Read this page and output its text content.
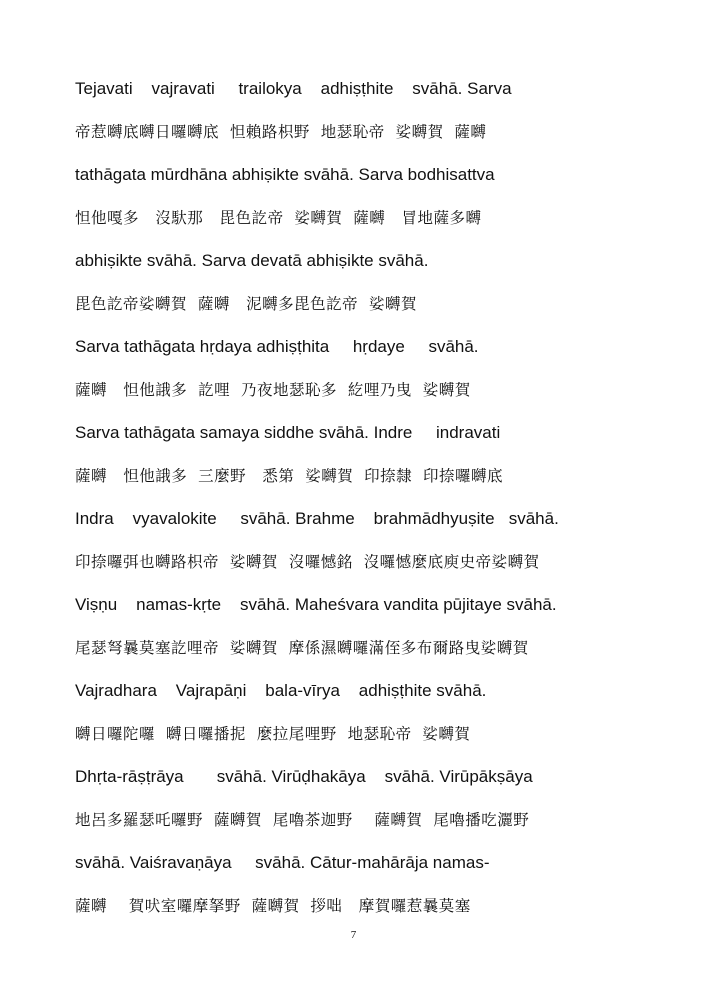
Tejavati    vajravati     trailokya    adhiṣṭhite    svāhā. Sarva

帝惹嚩底嚩日囉嚩底  怛賴路枳野  地瑟恥帝  娑嚩賀  薩嚩

tathāgata mūrdhāna abhiṣikte svāhā. Sarva bodhisattva

怛他嘎多   沒馱那   毘色訖帝  娑嚩賀  薩嚩   冒地薩多嚩

abhiṣikte svāhā. Sarva devatā abhiṣikte svāhā.

毘色訖帝娑嚩賀  薩嚩   泥嚩多毘色訖帝  娑嚩賀

Sarva tathāgata hṛdaya adhiṣṭhita     hṛdaye     svāhā.

薩嚩   怛他誐多  訖哩  乃夜地瑟恥多  紇哩乃曳  娑嚩賀

Sarva tathāgata samaya siddhe svāhā. Indre     indravati

薩嚩   怛他誐多  三麼野   悉第  娑嚩賀  印捺隸  印捺囉嚩底

Indra    vyavalokite     svāhā. Brahme    brahmādhyuṣite   svāhā.

印捺囉弭也嚩路枳帝  娑嚩賀  沒囉憾銘  沒囉憾麼底庾史帝娑嚩賀

Viṣṇu    namas-kṛte    svāhā. Maheśvara vandita pūjitaye svāhā.

尾瑟弩曩莫塞訖哩帝  娑嚩賀  摩係濕嚩囉滿侄多布爾路曳娑嚩賀

Vajradhara    Vajrapāṇi    bala-vīrya    adhiṣṭhite svāhā.

嚩日囉陀囉  嚩日囉播抳  麼拉尾哩野  地瑟恥帝  娑嚩賀

Dhṛta-rāṣṭrāya       svāhā. Virūḍhakāya    svāhā. Virūpākṣāya

地呂多羅瑟吒囉野  薩嚩賀  尾嚕茶迦野    薩嚩賀  尾嚕播吃灑野

svāhā. Vaiśravaṇāya     svāhā. Cātur-mahārāja namas-

薩嚩    賀吠室囉摩拏野  薩嚩賀  拶咄   摩賀囉惹曩莫塞

7
